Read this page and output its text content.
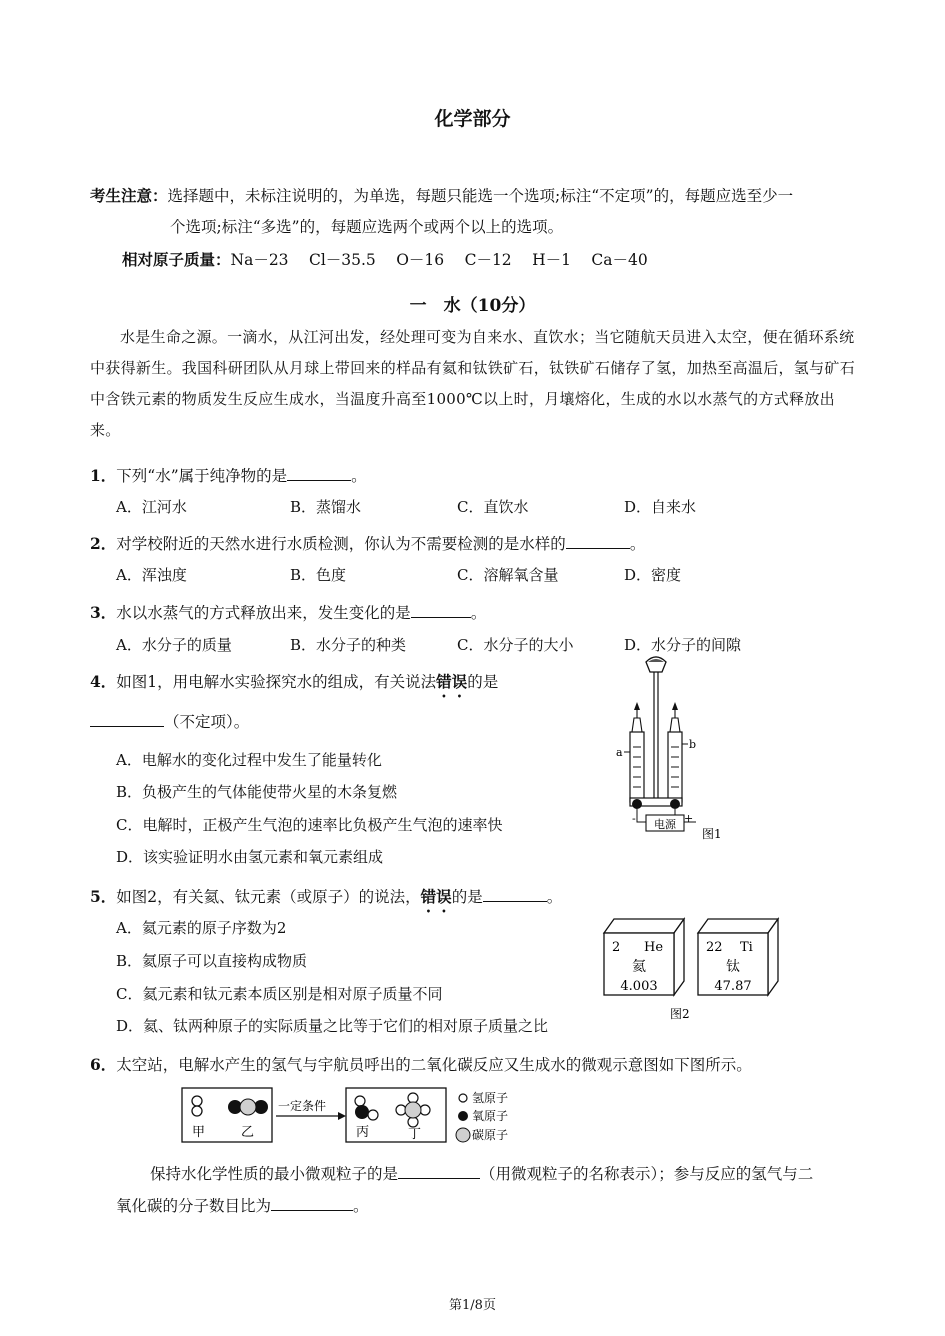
化学部分
考生注意：选择题中，未标注说明的，为单选，每题只能选一个选项;标注“不定项”的，每题应选至少一
个选项;标注“多选”的，每题应选两个或两个以上的选项。
相对原子质量：Na－23　 Cl－35.5　 O－16　 C－12　 H－1　 Ca－40
一　水（10分）
水是生命之源。一滴水，从江河出发，经处理可变为自来水、直饮水；当它随航天员进入太空，便在循环系统中获得新生。我国科研团队从月球上带回来的样品有氦和钛铁矿石，钛铁矿石储存了氢，加热至高温后，氢与矿石中含铁元素的物质发生反应生成水，当温度升高至1000℃以上时，月壤熔化，生成的水以水蒸气的方式释放出来。
1．下列“水”属于纯净物的是	。
A．江河水	B．蒸馏水	C．直饮水	D．自来水
2．对学校附近的天然水进行水质检测，你认为不需要检测的是水样的	。
A．浑浊度	B．色度	C．溶解氧含量	D．密度
3．水以水蒸气的方式释放出来，发生变化的是	。
A．水分子的质量	B．水分子的种类	C．水分子的大小	D．水分子的间隙
4．如图1，用电解水实验探究水的组成，有关说法错误的是
（不定项）。
A．电解水的变化过程中发生了能量转化
B．负极产生的气体能使带火星的木条复燃
C．电解时，正极产生气泡的速率比负极产生气泡的速率快
D．该实验证明水由氢元素和氧元素组成
电源
-	+
a
b
图1
5．如图2，有关氦、钛元素（或原子）的说法，错误的是	。
A．氦元素的原子序数为2
B．氦原子可以直接构成物质
C．氦元素和钛元素本质区别是相对原子质量不同
D．氦、钛两种原子的实际质量之比等于它们的相对原子质量之比
2 He
氦
4.003
22 Ti
钛
47.87
图2
6．太空站，电解水产生的氢气与宇航员呼出的二氧化碳反应又生成水的微观示意图如下图所示。
甲	乙
一定条件
丙	丁
氢原子
氧原子
碳原子
保持水化学性质的最小微观粒子的是	（用微观粒子的名称表示）；参与反应的氢气与二
氧化碳的分子数目比为	。
第1/8页
